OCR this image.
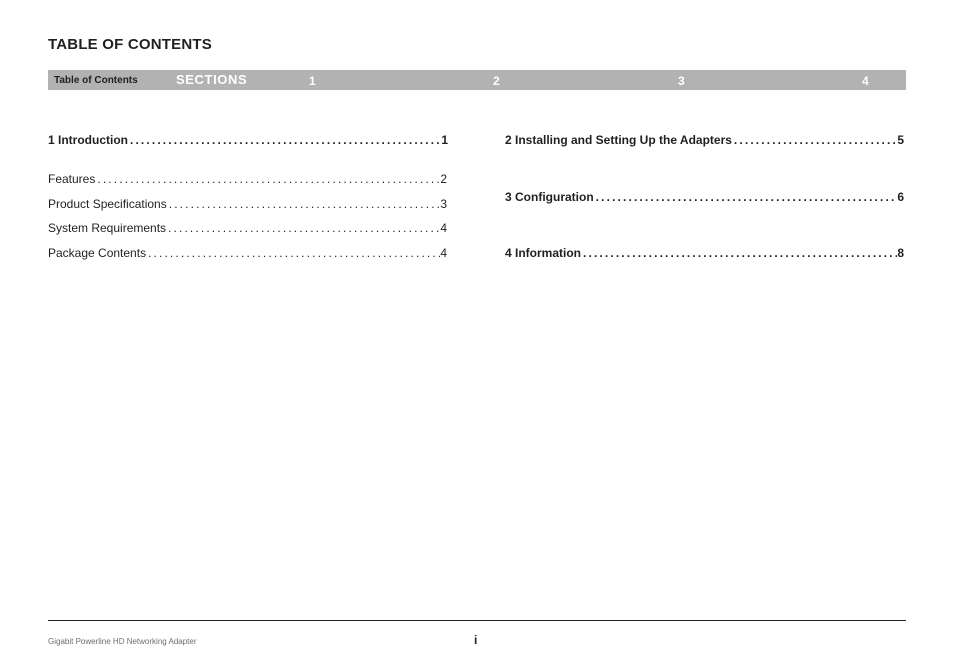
TABLE OF CONTENTS
Table of Contents	SECTIONS	1	2	3	4
1 Introduction . . .	1
Features . . .	2
Product Specifications . . .	3
System Requirements . . .	4
Package Contents . . .	4
2 Installing and Setting Up the Adapters . . .	5
3 Configuration . . .	6
4 Information . . .	8
Gigabit Powerline HD Networking Adapter	i
